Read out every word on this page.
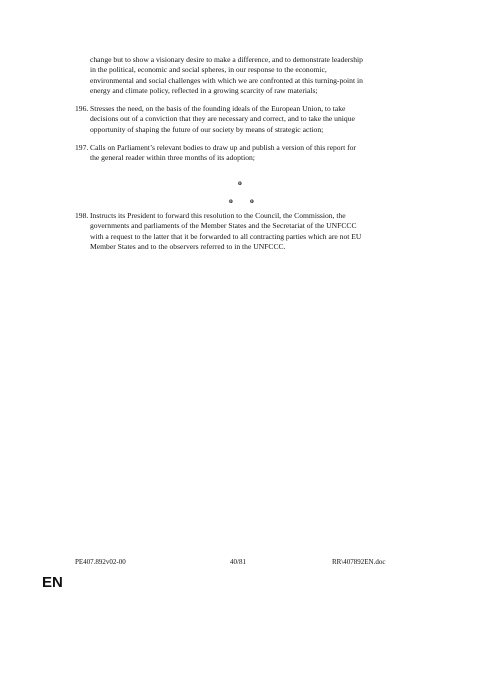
change but to show a visionary desire to make a difference, and to demonstrate leadership
in the political, economic and social spheres, in our response to the economic,
environmental and social challenges with which we are confronted at this turning-point in
energy and climate policy, reflected in a growing scarcity of raw materials;
196. Stresses the need, on the basis of the founding ideals of the European Union, to take
decisions out of a conviction that they are necessary and correct, and to take the unique
opportunity of shaping the future of our society by means of strategic action;
197. Calls on Parliament’s relevant bodies to draw up and publish a version of this report for
the general reader within three months of its adoption;
o
o o
198. Instructs its President to forward this resolution to the Council, the Commission, the
governments and parliaments of the Member States and the Secretariat of the UNFCCC
with a request to the latter that it be forwarded to all contracting parties which are not EU
Member States and to the observers referred to in the UNFCCC.
PE407.892v02-00	40/81	RR\407892EN.doc
EN
